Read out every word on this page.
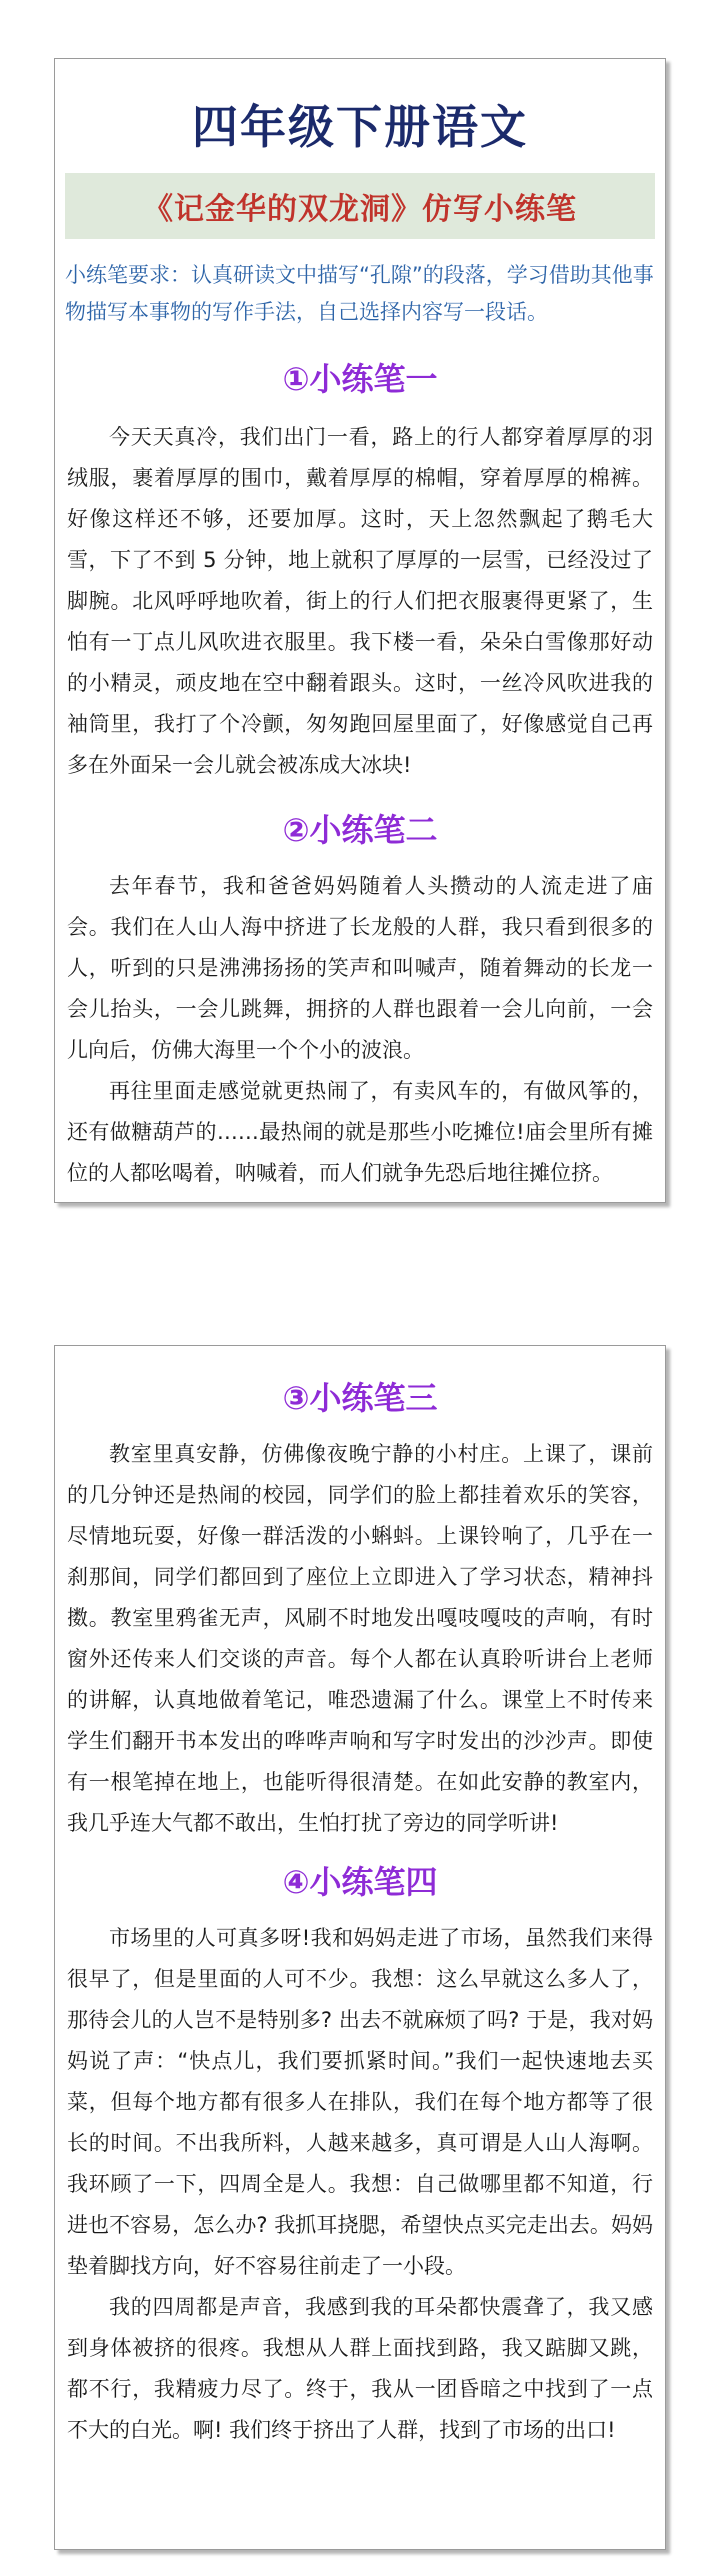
四年级下册语文
《记金华的双龙洞》仿写小练笔
小练笔要求：认真研读文中描写“孔隙”的段落，学习借助其他事物描写本事物的写作手法，自己选择内容写一段话。
①小练笔一

今天天真冷，我们出门一看，路上的行人都穿着厚厚的羽绒服，裹着厚厚的围巾，戴着厚厚的棉帽，穿着厚厚的棉裤。好像这样还不够，还要加厚。这时，天上忽然飘起了鹅毛大雪，下了不到 5 分钟，地上就积了厚厚的一层雪，已经没过了脚腕。北风呼呼地吹着，街上的行人们把衣服裹得更紧了，生怕有一丁点儿风吹进衣服里。我下楼一看，朵朵白雪像那好动的小精灵，顽皮地在空中翻着跟头。这时，一丝冷风吹进我的袖筒里，我打了个冷颤，匆匆跑回屋里面了，好像感觉自己再多在外面呆一会儿就会被冻成大冰块!

②小练笔二

去年春节，我和爸爸妈妈随着人头攒动的人流走进了庙会。我们在人山人海中挤进了长龙般的人群，我只看到很多的人，听到的只是沸沸扬扬的笑声和叫喊声，随着舞动的长龙一会儿抬头，一会儿跳舞，拥挤的人群也跟着一会儿向前，一会儿向后，仿佛大海里一个个小的波浪。

再往里面走感觉就更热闹了，有卖风车的，有做风筝的，还有做糖葫芦的……最热闹的就是那些小吃摊位!庙会里所有摊位的人都吆喝着，呐喊着，而人们就争先恐后地往摊位挤。

③小练笔三

教室里真安静，仿佛像夜晚宁静的小村庄。上课了，课前的几分钟还是热闹的校园，同学们的脸上都挂着欢乐的笑容，尽情地玩耍，好像一群活泼的小蝌蚪。上课铃响了，几乎在一刹那间，同学们都回到了座位上立即进入了学习状态，精神抖擞。教室里鸦雀无声，风刷不时地发出嘎吱嘎吱的声响，有时窗外还传来人们交谈的声音。每个人都在认真聆听讲台上老师的讲解，认真地做着笔记，唯恐遗漏了什么。课堂上不时传来学生们翻开书本发出的哗哗声响和写字时发出的沙沙声。即使有一根笔掉在地上，也能听得很清楚。在如此安静的教室内，我几乎连大气都不敢出，生怕打扰了旁边的同学听讲!

④小练笔四

市场里的人可真多呀!我和妈妈走进了市场，虽然我们来得很早了，但是里面的人可不少。我想：这么早就这么多人了，那待会儿的人岂不是特别多? 出去不就麻烦了吗? 于是，我对妈妈说了声：“快点儿，我们要抓紧时间。”我们一起快速地去买菜，但每个地方都有很多人在排队，我们在每个地方都等了很长的时间。不出我所料，人越来越多，真可谓是人山人海啊。我环顾了一下，四周全是人。我想：自己做哪里都不知道，行进也不容易，怎么办? 我抓耳挠腮，希望快点买完走出去。妈妈垫着脚找方向，好不容易往前走了一小段。

我的四周都是声音，我感到我的耳朵都快震聋了，我又感到身体被挤的很疼。我想从人群上面找到路，我又踮脚又跳，都不行，我精疲力尽了。终于，我从一团昏暗之中找到了一点不大的白光。啊! 我们终于挤出了人群，找到了市场的出口!
